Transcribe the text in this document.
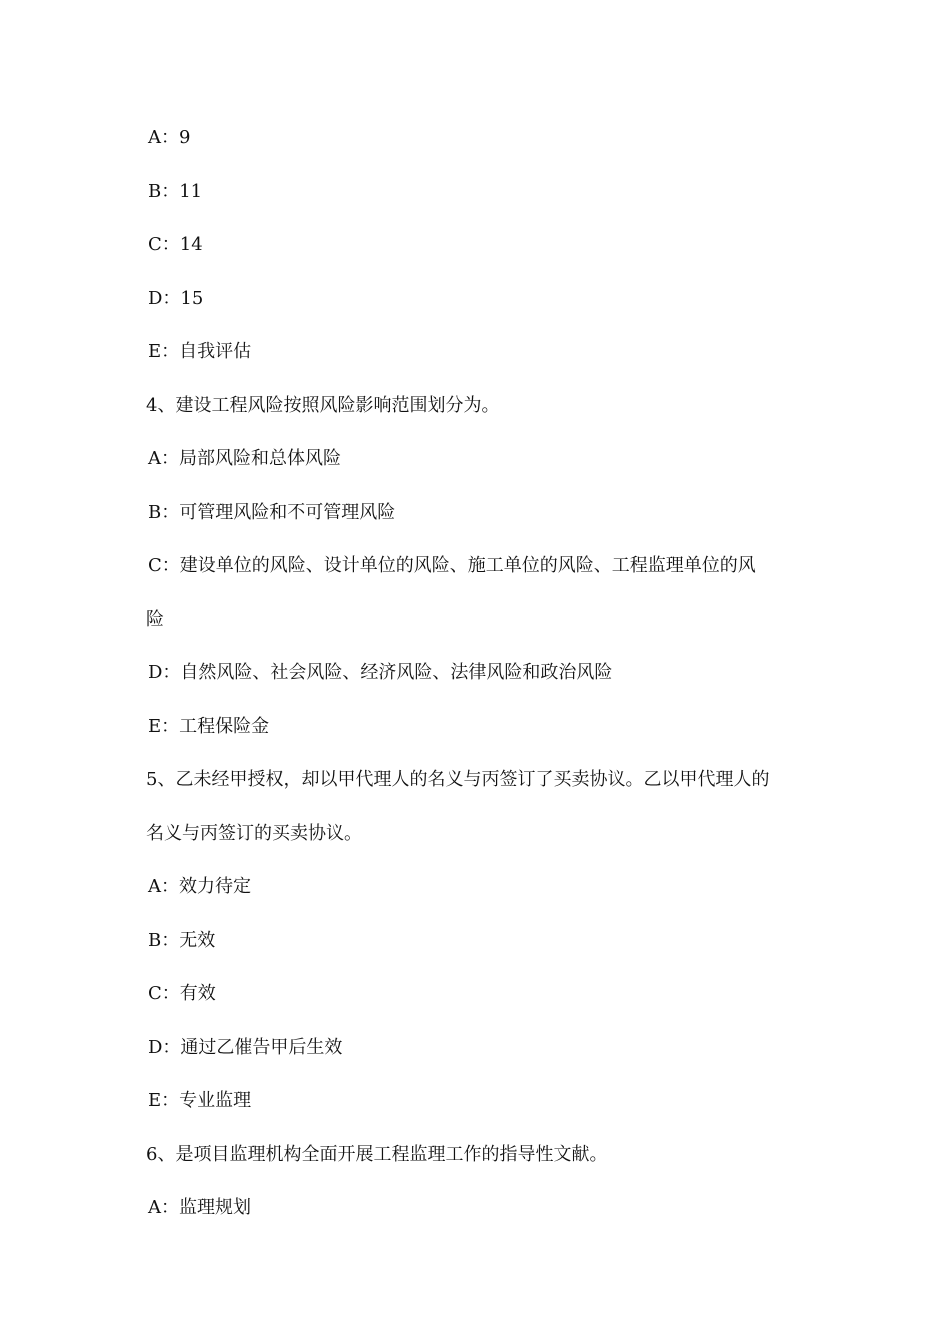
A：9
B：11
C：14
D：15
E：自我评估
4、建设工程风险按照风险影响范围划分为。
A：局部风险和总体风险
B：可管理风险和不可管理风险
C：建设单位的风险、设计单位的风险、施工单位的风险、工程监理单位的风
险
D：自然风险、社会风险、经济风险、法律风险和政治风险
E：工程保险金
5、乙未经甲授权，却以甲代理人的名义与丙签订了买卖协议。乙以甲代理人的
名义与丙签订的买卖协议。
A：效力待定
B：无效
C：有效
D：通过乙催告甲后生效
E：专业监理
6、是项目监理机构全面开展工程监理工作的指导性文献。
A：监理规划
